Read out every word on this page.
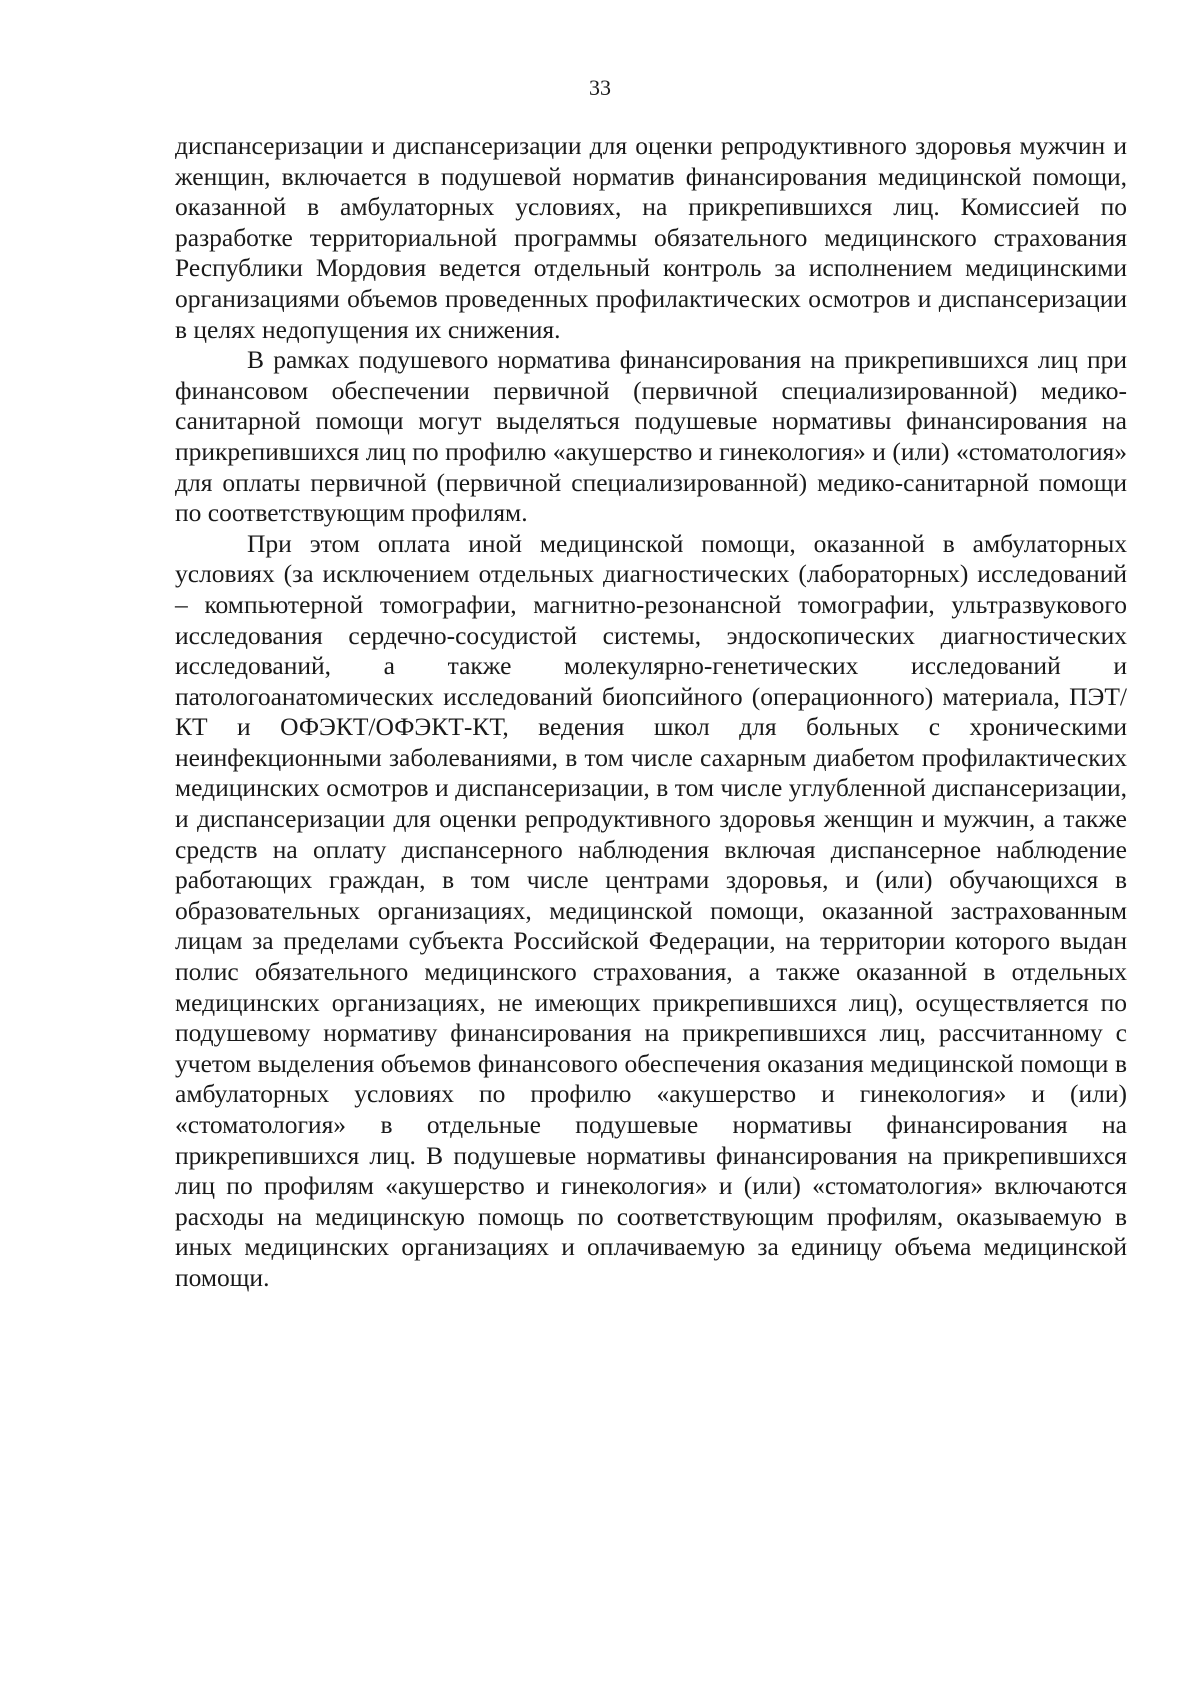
33

диспансеризации и диспансеризации для оценки репродуктивного здоровья мужчин и женщин, включается в подушевой норматив финансирования медицинской помощи, оказанной в амбулаторных условиях, на прикрепившихся лиц. Комиссией по разработке территориальной программы обязательного медицинского страхования Республики Мордовия ведется отдельный контроль за исполнением медицинскими организациями объемов проведенных профилактических осмотров и диспансеризации в целях недопущения их снижения.

В рамках подушевого норматива финансирования на прикрепившихся лиц при финансовом обеспечении первичной (первичной специализированной) медико-санитарной помощи могут выделяться подушевые нормативы финансирования на прикрепившихся лиц по профилю «акушерство и гинекология» и (или) «стоматология» для оплаты первичной (первичной специализированной) медико-санитарной помощи по соответствующим профилям.

При этом оплата иной медицинской помощи, оказанной в амбулаторных условиях (за исключением отдельных диагностических (лабораторных) исследований – компьютерной томографии, магнитно-резонансной томографии, ультразвукового исследования сердечно-сосудистой системы, эндоскопических диагностических исследований, а также молекулярно-генетических исследований и патологоанатомических исследований биопсийного (операционного) материала, ПЭТ/КТ и ОФЭКТ/ОФЭКТ-КТ, ведения школ для больных с хроническими неинфекционными заболеваниями, в том числе сахарным диабетом профилактических медицинских осмотров и диспансеризации, в том числе углубленной диспансеризации, и диспансеризации для оценки репродуктивного здоровья женщин и мужчин, а также средств на оплату диспансерного наблюдения включая диспансерное наблюдение работающих граждан, в том числе центрами здоровья, и (или) обучающихся в образовательных организациях, медицинской помощи, оказанной застрахованным лицам за пределами субъекта Российской Федерации, на территории которого выдан полис обязательного медицинского страхования, а также оказанной в отдельных медицинских организациях, не имеющих прикрепившихся лиц), осуществляется по подушевому нормативу финансирования на прикрепившихся лиц, рассчитанному с учетом выделения объемов финансового обеспечения оказания медицинской помощи в амбулаторных условиях по профилю «акушерство и гинекология» и (или) «стоматология» в отдельные подушевые нормативы финансирования на прикрепившихся лиц. В подушевые нормативы финансирования на прикрепившихся лиц по профилям «акушерство и гинекология» и (или) «стоматология» включаются расходы на медицинскую помощь по соответствующим профилям, оказываемую в иных медицинских организациях и оплачиваемую за единицу объема медицинской помощи.
